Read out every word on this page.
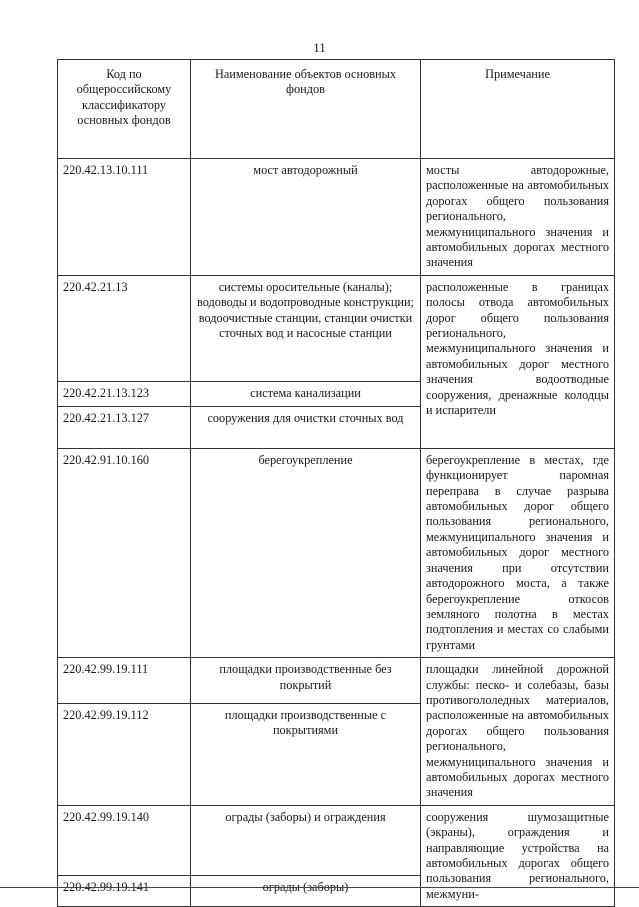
11
Код по общероссийскому классификатору основных фондов	Наименование объектов основных фондов	Примечание
220.42.13.10.111	мост автодорожный	мосты автодорожные, расположенные на автомобильных дорогах общего пользования регионального, межмуниципального значения и автомобильных дорогах местного значения
220.42.21.13	системы оросительные (каналы); водоводы и водопроводные конструкции; водоочистные станции, станции очистки сточных вод и насосные станции	расположенные в границах полосы отвода автомобильных дорог общего пользования регионального, межмуниципального значения и автомобильных дорог местного значения водоотводные сооружения, дренажные колодцы и испарители
220.42.21.13.123	система канализации	
220.42.21.13.127	сооружения для очистки сточных вод	
220.42.91.10.160	берегоукрепление	берегоукрепление в местах, где функционирует паромная переправа в случае разрыва автомобильных дорог общего пользования регионального, межмуниципального значения и автомобильных дорог местного значения при отсутствии автодорожного моста, а также берегоукрепление откосов земляного полотна в местах подтопления и местах со слабыми грунтами
220.42.99.19.111	площадки производственные без покрытий	площадки линейной дорожной службы: песко- и солебазы, базы противогололедных материалов, расположенные на автомобильных дорогах общего пользования регионального, межмуниципального значения и автомобильных дорогах местного значения
220.42.99.19.112	площадки производственные с покрытиями	
220.42.99.19.140	ограды (заборы) и ограждения	сооружения шумозащитные (экраны), ограждения и направляющие устройства на автомобильных дорогах общего пользования регионального, межмуни-
220.42.99.19.141	ограды (заборы)	
